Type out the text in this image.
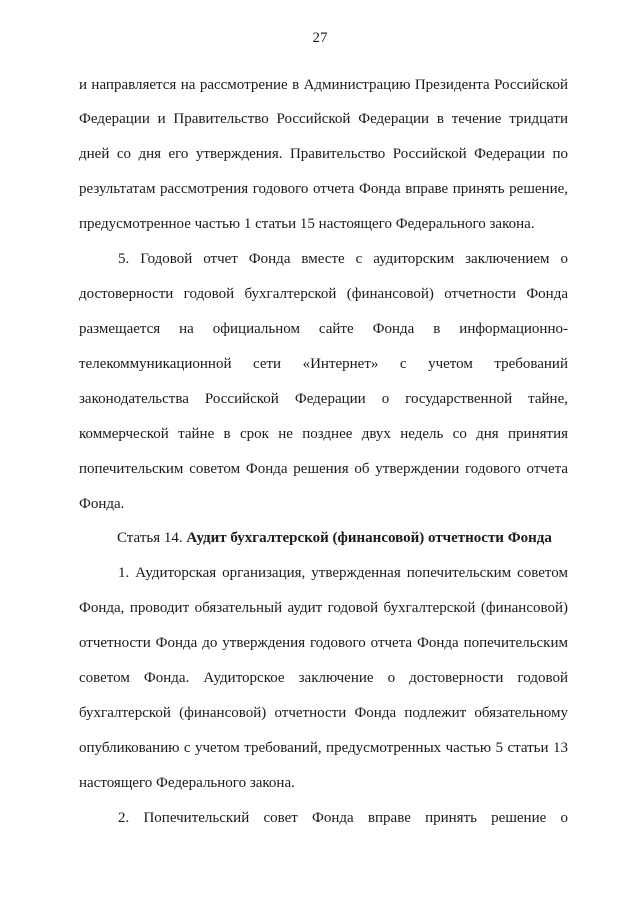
27
и направляется на рассмотрение в Администрацию Президента Российской
Федерации и Правительство Российской Федерации в течение тридцати
дней со дня его утверждения. Правительство Российской Федерации по
результатам рассмотрения годового отчета Фонда вправе принять решение,
предусмотренное частью 1 статьи 15 настоящего Федерального закона.
5. Годовой отчет Фонда вместе с аудиторским заключением о
достоверности годовой бухгалтерской (финансовой) отчетности Фонда
размещается на официальном сайте Фонда в информационно-
телекоммуникационной сети «Интернет» с учетом требований
законодательства Российской Федерации о государственной тайне,
коммерческой тайне в срок не позднее двух недель со дня принятия
попечительским советом Фонда решения об утверждении годового отчета
Фонда.
Статья 14. Аудит бухгалтерской (финансовой) отчетности Фонда
1. Аудиторская организация, утвержденная попечительским советом
Фонда, проводит обязательный аудит годовой бухгалтерской (финансовой)
отчетности Фонда до утверждения годового отчета Фонда попечительским
советом Фонда. Аудиторское заключение о достоверности годовой
бухгалтерской (финансовой) отчетности Фонда подлежит обязательному
опубликованию с учетом требований, предусмотренных частью 5 статьи 13
настоящего Федерального закона.
2. Попечительский совет Фонда вправе принять решение о
